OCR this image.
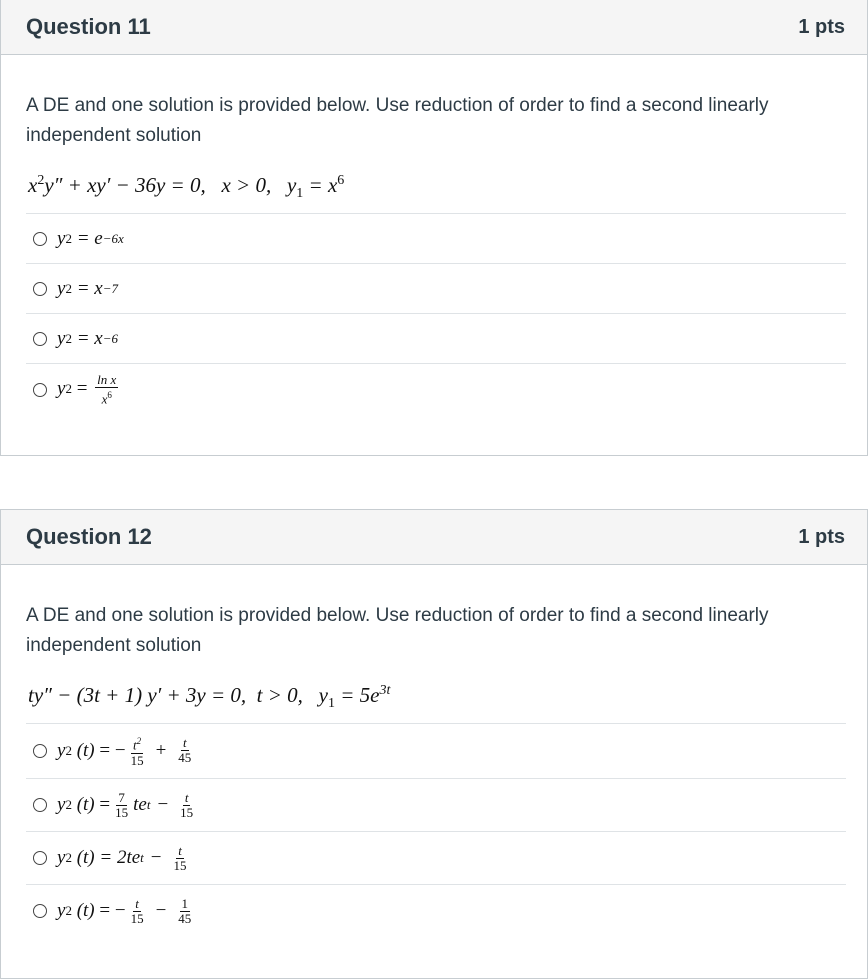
Question 11	1 pts

A DE and one solution is provided below. Use reduction of order to find a second linearly independent solution

$x^2y'' + xy' - 36y = 0$, x > 0, $y_1 = x^6$
y 2
= e −6x
y 2
= x −7
y 2
= x −6
y 2
=
$\frac{\text{ln x}}{x^6}$
Question 12	1 pts

A DE and one solution is provided below. Use reduction of order to find a second linearly independent solution

ty″ − (3t + 1) y′ + 3y = 0, t > 0, $y_1 = 5e^{3t}$
y 2
(t)
= − $\frac{t^2}{15} + \frac{t}{45}$
y 2
(t)
= $\frac{7}{15}$ te $t - \frac{t}{15}$
y 2
(t)
= 2te $t - \frac{t}{15}$
y 2
(t)
= − $\frac{t}{15} - \frac{1}{45}$
